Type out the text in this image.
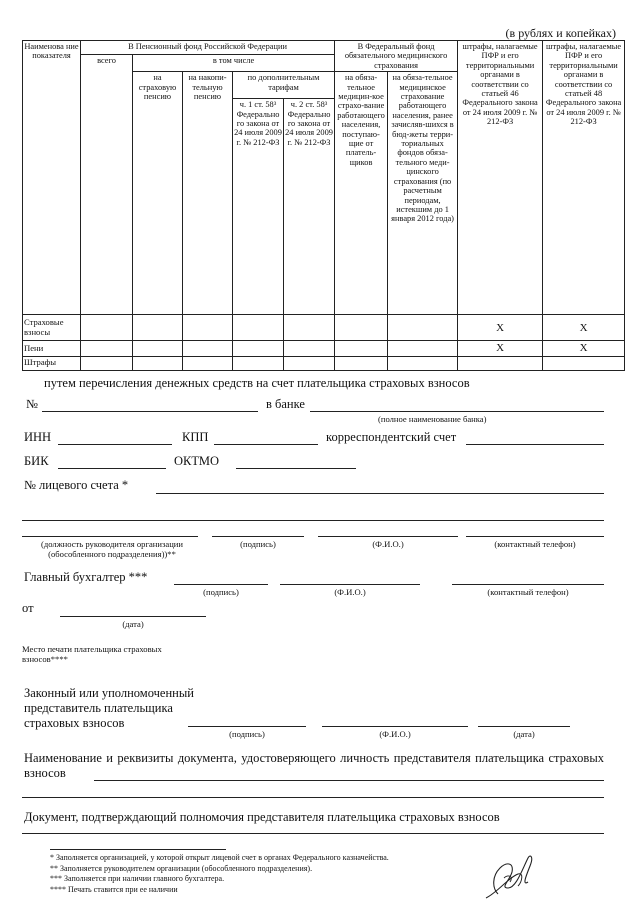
(в рублях и копейках)
Наименова ние показателя	В Пенсионный фонд Российской Федерации					В Федеральный фонд обязательного медицинского страхования		штрафы, налагаемые ПФР и его территориальными органами в соответствии со статьей 46 Федерального закона от 24 июля 2009 г. № 212-ФЗ	штрафы, налагаемые ПФР и его территориальными органами в соответствии со статьей 48 Федерального закона от 24 июля 2009 г. № 212-ФЗ
	всего	в том числе							
		на страховую пенсию	на накопи-тельную пенсию	по дополнительным тарифам		на обяза-тельное медицин-кое страхо-вание работающего населения, поступаю-щие от платель-щиков	на обяза-тельное медицинское страхование работающего населения, ранее зачисляв-шихся в бюд-жеты терри-ториальных фондов обяза-тельного меди-цинского страхования (по расчетным периодам, истекшим до 1 января 2012 года)		
				ч. 1 ст. 58³ Федерально го закона от 24 июля 2009 г. № 212-ФЗ	ч. 2 ст. 58³ Федерально го закона от 24 июля 2009 г. № 212-ФЗ				
Страховые взносы								X	X
Пени								X	X
Штрафы									
путем перечисления денежных средств на счет плательщика страховых взносов
№	в банке
(полное наименование банка)
ИНН	КПП	корреспондентский счет
БИК	ОКТМО
№ лицевого счета *
(должность руководителя организации (обособленного подразделения))**
(подпись)	(Ф.И.О.)	(контактный телефон)
Главный бухгалтер ***
(подпись)	(Ф.И.О.)	(контактный телефон)
от
(дата)
Место печати плательщика страховых взносов****
Законный или уполномоченный представитель плательщика страховых взносов
(подпись)	(Ф.И.О.)	(дата)
Наименование и реквизиты документа, удостоверяющего личность представителя плательщика страховых взносов
Документ, подтверждающий полномочия представителя плательщика страховых взносов
* Заполняется организацией, у которой открыт лицевой счет в органах Федерального казначейства.
** Заполняется руководителем организации (обособленного подразделения).
*** Заполняется при наличии главного бухгалтера.
**** Печать ставится при ее наличии
